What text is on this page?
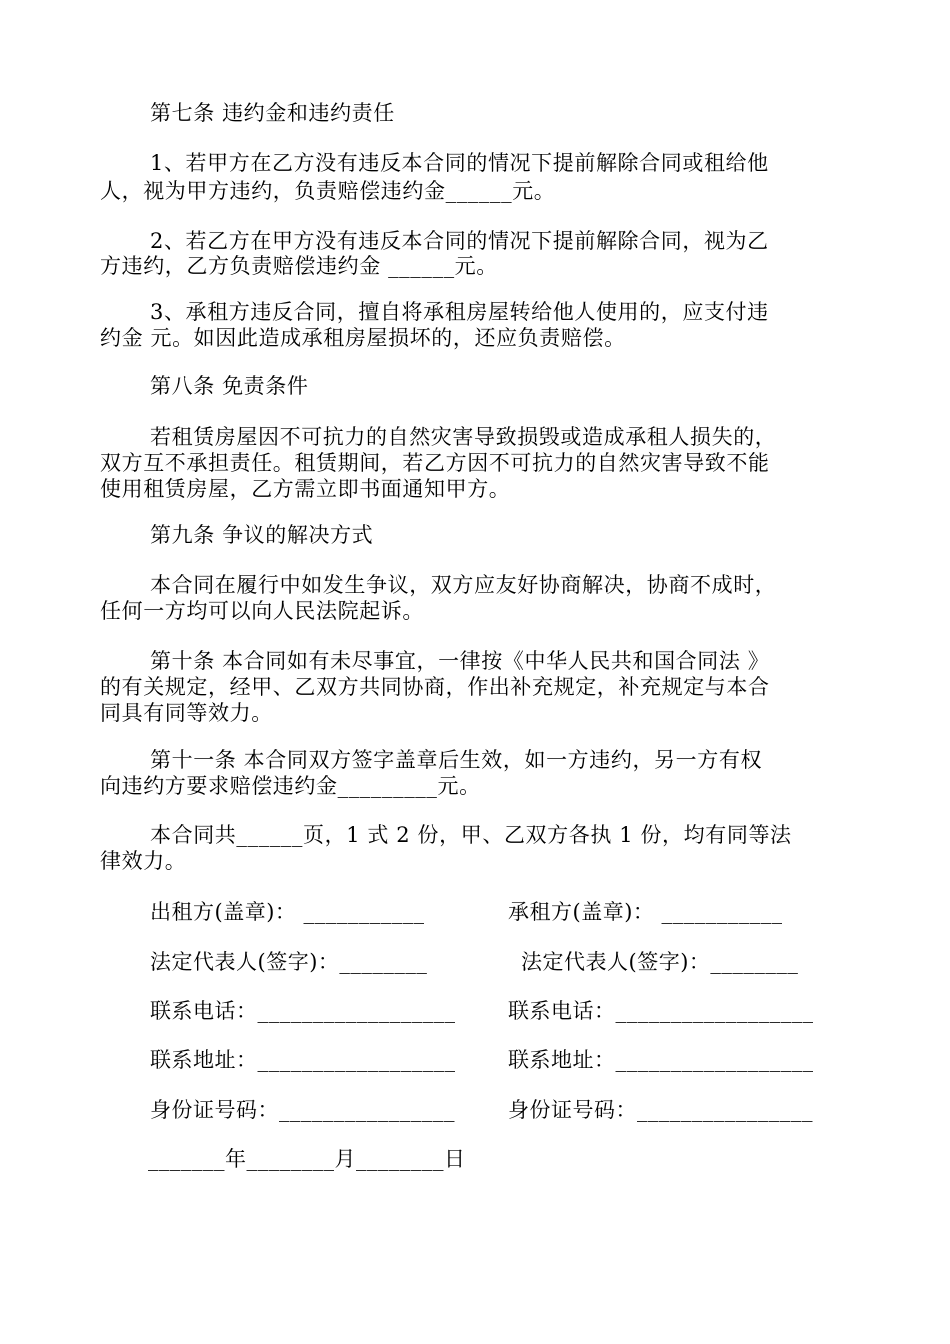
第七条 违约金和违约责任
1、若甲方在乙方没有违反本合同的情况下提前解除合同或租给他
人，视为甲方违约，负责赔偿违约金______元。
2、若乙方在甲方没有违反本合同的情况下提前解除合同，视为乙
方违约，乙方负责赔偿违约金 ______元。
3、承租方违反合同，擅自将承租房屋转给他人使用的，应支付违
约金 元。如因此造成承租房屋损坏的，还应负责赔偿。
第八条 免责条件
若租赁房屋因不可抗力的自然灾害导致损毁或造成承租人损失的，
双方互不承担责任。租赁期间，若乙方因不可抗力的自然灾害导致不能
使用租赁房屋，乙方需立即书面通知甲方。
第九条 争议的解决方式
本合同在履行中如发生争议，双方应友好协商解决，协商不成时，
任何一方均可以向人民法院起诉。
第十条 本合同如有未尽事宜，一律按《中华人民共和国合同法 》
的有关规定，经甲、乙双方共同协商，作出补充规定，补充规定与本合
同具有同等效力。
第十一条 本合同双方签字盖章后生效，如一方违约，另一方有权
向违约方要求赔偿违约金_________元。
本合同共______页，1 式 2 份，甲、乙双方各执 1 份，均有同等法
律效力。
出租方(盖章)： ___________	承租方(盖章)： ___________
法定代表人(签字)：________	法定代表人(签字)：________
联系电话：__________________	联系电话：__________________
联系地址：__________________	联系地址：__________________
身份证号码：________________	身份证号码：________________
_______年________月________日
